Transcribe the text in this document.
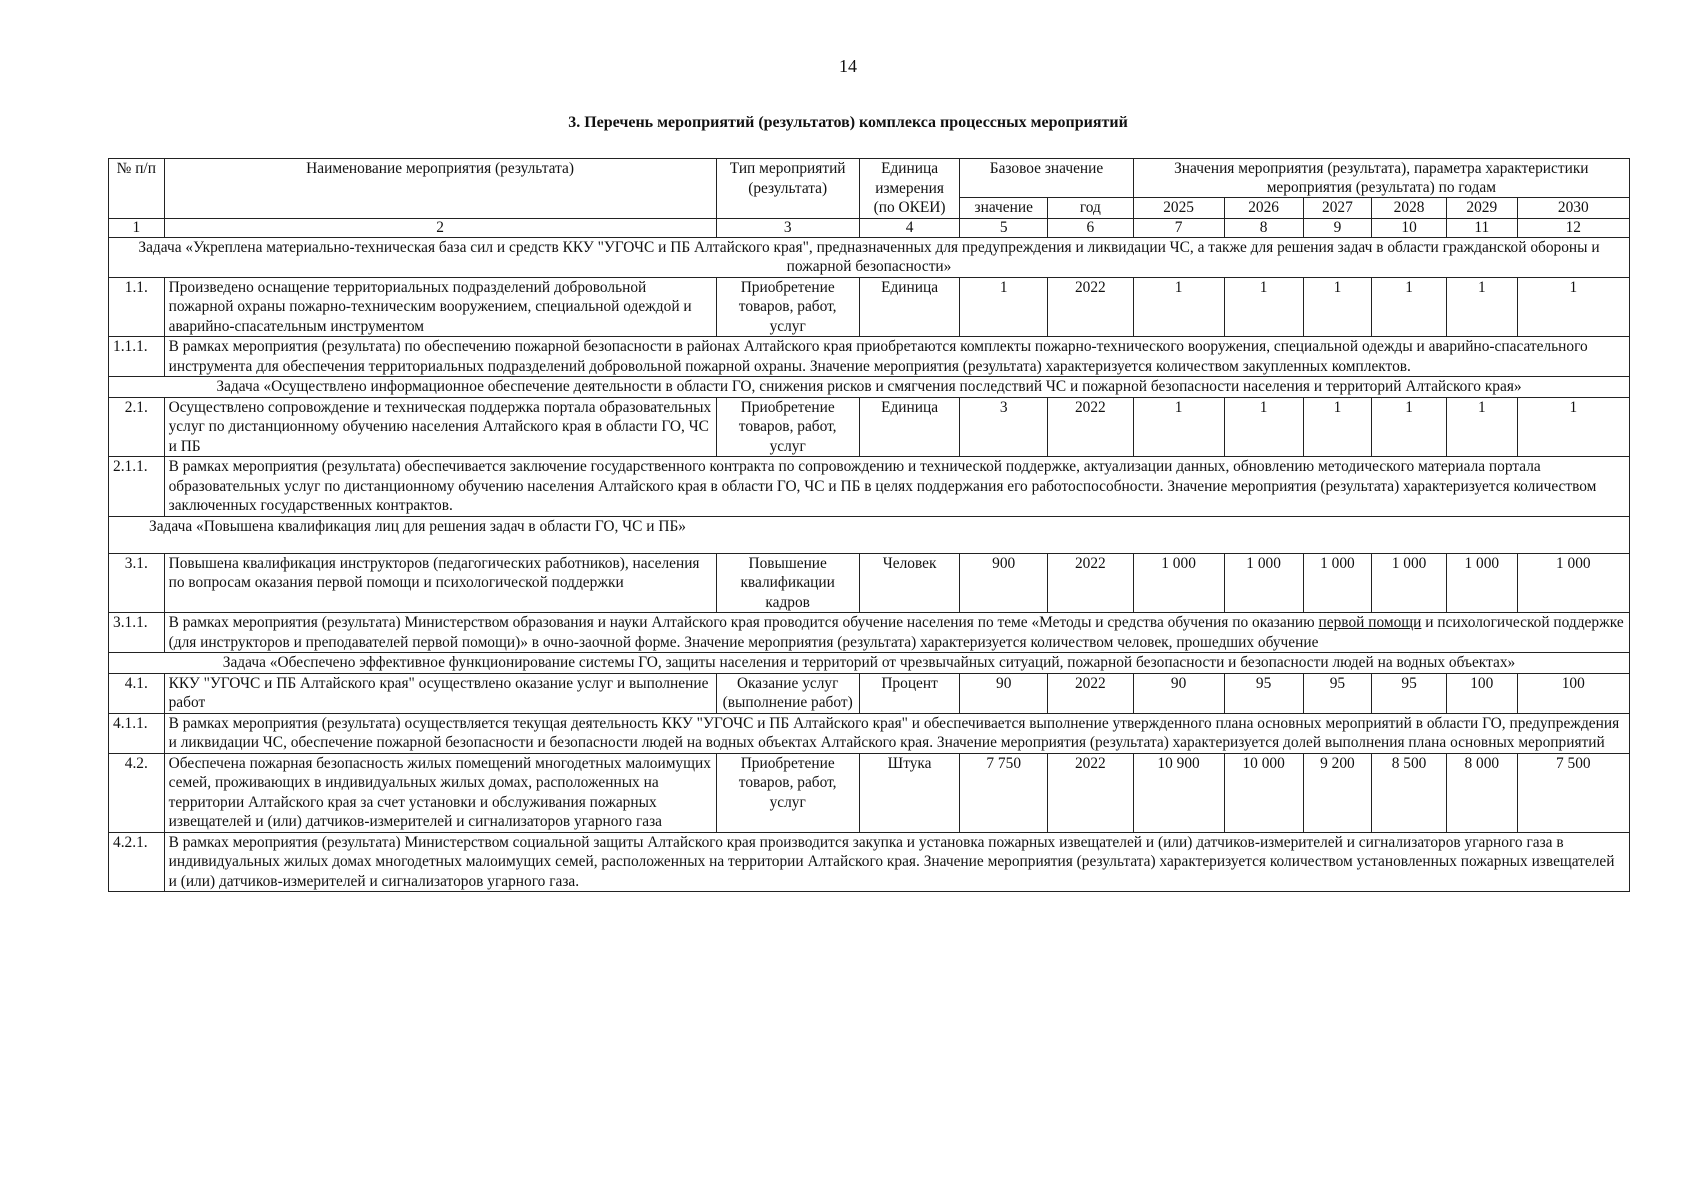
14
3. Перечень мероприятий (результатов) комплекса процессных мероприятий
№ п/п	Наименование мероприятия (результата)	Тип мероприятий (результата)	Единица измерения (по ОКЕИ)	Базовое значение		Значения мероприятия (результата), параметра характеристики мероприятия (результата) по годам					
				значение	год	2025	2026	2027	2028	2029	2030
1	2	3	4	5	6	7	8	9	10	11	12
Задача «Укреплена материально-техническая база сил и средств ККУ "УГОЧС и ПБ Алтайского края", предназначенных для предупреждения и ликвидации ЧС, а также для решения задач в области гражданской обороны и пожарной безопасности»											
1.1.	Произведено оснащение территориальных подразделений добровольной пожарной охраны пожарно-техническим вооружением, специальной одеждой и аварийно-спасательным инструментом	Приобретение товаров, работ, услуг	Единица	1	2022	1	1	1	1	1	1
1.1.1.	В рамках мероприятия (результата) по обеспечению пожарной безопасности в районах Алтайского края приобретаются комплекты пожарно-технического вооружения, специальной одежды и аварийно-спасательного инструмента для обеспечения территориальных подразделений добровольной пожарной охраны. Значение мероприятия (результата) характеризуется количеством закупленных комплектов.										
Задача «Осуществлено информационное обеспечение деятельности в области ГО, снижения рисков и смягчения последствий ЧС и пожарной безопасности населения и территорий Алтайского края»											
2.1.	Осуществлено сопровождение и техническая поддержка портала образовательных услуг по дистанционному обучению населения Алтайского края в области ГО, ЧС и ПБ	Приобретение товаров, работ, услуг	Единица	3	2022	1	1	1	1	1	1
2.1.1.	В рамках мероприятия (результата) обеспечивается заключение государственного контракта по сопровождению и технической поддержке, актуализации данных, обновлению методического материала портала образовательных услуг по дистанционному обучению населения Алтайского края в области ГО, ЧС и ПБ в целях поддержания его работоспособности. Значение мероприятия (результата) характеризуется количеством заключенных государственных контрактов.										
Задача «Повышена квалификация лиц для решения задач в области ГО, ЧС и ПБ»											
3.1.	Повышена квалификация инструкторов (педагогических работников), населения по вопросам оказания первой помощи и психологической поддержки	Повышение квалификации кадров	Человек	900	2022	1 000	1 000	1 000	1 000	1 000	1 000
3.1.1.	В рамках мероприятия (результата) Министерством образования и науки Алтайского края проводится обучение населения по теме «Методы и средства обучения по оказанию первой помощи и психологической поддержке (для инструкторов и преподавателей первой помощи)» в очно-заочной форме. Значение мероприятия (результата) характеризуется количеством человек, прошедших обучение										
Задача «Обеспечено эффективное функционирование системы ГО, защиты населения и территорий от чрезвычайных ситуаций, пожарной безопасности и безопасности людей на водных объектах»											
4.1.	ККУ "УГОЧС и ПБ Алтайского края" осуществлено оказание услуг и выполнение работ	Оказание услуг (выполнение работ)	Процент	90	2022	90	95	95	95	100	100
4.1.1.	В рамках мероприятия (результата) осуществляется текущая деятельность ККУ "УГОЧС и ПБ Алтайского края" и обеспечивается выполнение утвержденного плана основных мероприятий в области ГО, предупреждения и ликвидации ЧС, обеспечение пожарной безопасности и безопасности людей на водных объектах Алтайского края. Значение мероприятия (результата) характеризуется долей выполнения плана основных мероприятий										
4.2.	Обеспечена пожарная безопасность жилых помещений многодетных малоимущих семей, проживающих в индивидуальных жилых домах, расположенных на территории Алтайского края за счет установки и обслуживания пожарных извещателей и (или) датчиков-измерителей и сигнализаторов угарного газа	Приобретение товаров, работ, услуг	Штука	7 750	2022	10 900	10 000	9 200	8 500	8 000	7 500
4.2.1.	В рамках мероприятия (результата) Министерством социальной защиты Алтайского края производится закупка и установка пожарных извещателей и (или) датчиков-измерителей и сигнализаторов угарного газа в индивидуальных жилых домах многодетных малоимущих семей, расположенных на территории Алтайского края. Значение мероприятия (результата) характеризуется количеством установленных пожарных извещателей и (или) датчиков-измерителей и сигнализаторов угарного газа.										
